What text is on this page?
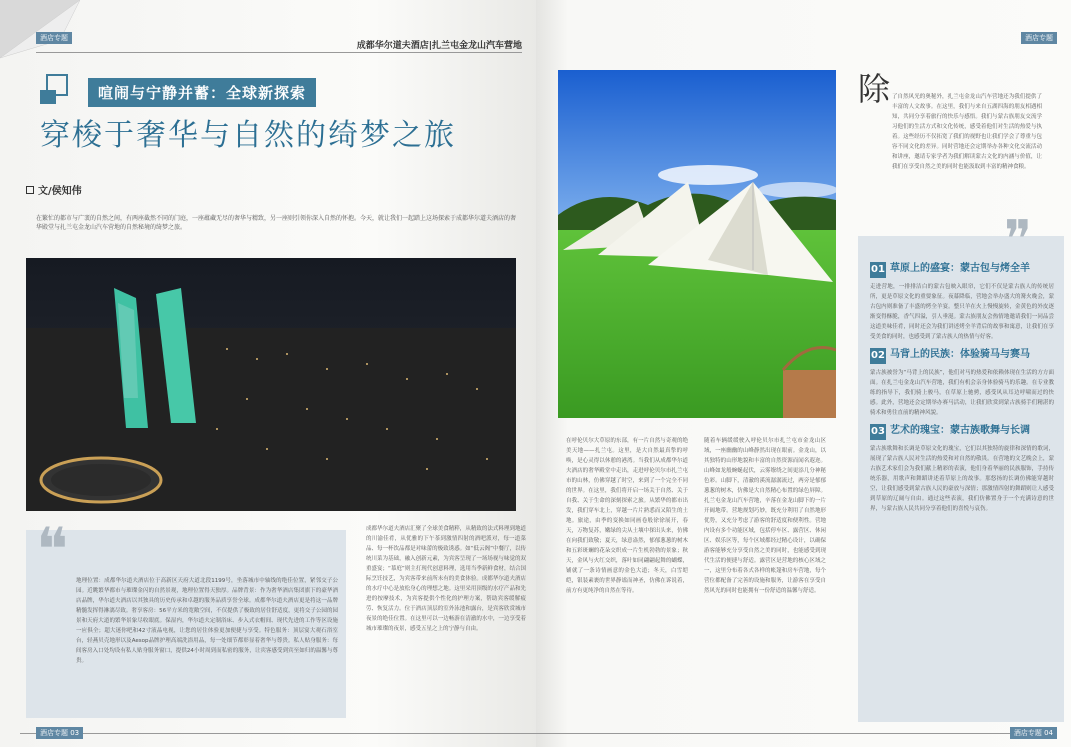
酒店专题
成都华尔道夫酒店|扎兰屯金龙山汽车营地
喧闹与宁静并蓄：全球新探索
穿梭于奢华与自然的绮梦之旅
文/侯知伟
在繁忙的都市与广袤的自然之间，有两座截然不同的门庭，一座蕴藏无尽的奢华与精致，另一座则引领你深入自然的怀抱。今天，就让我们一起踏上这场探索于成都华尔道夫酒店的奢华殿堂与扎兰屯金龙山汽车营地的自然秘境的绮梦之旅。
❝ 地理位置：成都华尔道夫酒店位于高新区天府大道北段1199号，坐落城市中轴线的绝佳位置，紧邻交子公园。近眺繁华都市与璀璨金闪的自然景观，地理位置得天独厚。品牌背景：作为奢华酒店集团旗下的豪华酒店品牌，华尔道夫酒店以其独具的历史传承和卓越的服务品质享誉全球。成都华尔道夫酒店更是将这一品牌精髓发挥得淋漓尽致。奢享客房：56平方米的宽敞空间，不仅提供了极致的居住舒适度，更将交子公园的园景和天府大道的繁华景象尽收眼底。保湿内，华尔道夫定制浴床、步入式衣帽间、现代先进的工作等区设施一应俱全；超大迷你吧和42寸液晶电视，让您的居住体验更加便捷与享受。特色服务：顶层宴大观石浴室台，轻燕贝壳地形以及Aesop品牌护理高端洗浴用品，每一处细节都彰显着奢华与尊贵。私人贴身服务：每间客房入口处均设有私人贴身服务窗口，提供24小时周到而私密的服务，让宾客感受到宾至如归的温馨与尊贵。
成都华尔道夫酒店汇聚了全球美食精粹，从精致的法式料理到地道的川渝佳肴，从优雅的下午茶到激情四射的酒吧派对，每一道菜品、每一杯饮品都是对味蕾的极致诱惑。如“低云阁”中餐厅，以传统川菜为基础，融入创新元素，为宾客呈现了一场场视与味觉的双重盛宴；“慕庭”则主打现代创意料理，选用当季新鲜食材，结合国际烹饪技艺，为宾客带来前所未有的美食体验。成都华尔道夫酒店的水疗中心是放松身心的理想之地。这里采用顶级的水疗产品和先进的按摩技术，为宾客提供个性化的护理方案，帮助宾客缓解疲劳、恢复活力。位于酒店顶层的室外泳池和露台，是宾客欣赏城市夜景的绝佳位置。在这里可以一边畅游在清澈的水中，一边享受着城市璀璨的夜景，感受五星之上的宁静与自由。
酒店专题 03
酒店专题
除 了自然风光的奥秘外，扎兰屯金龙山汽车营地还为我们提供了丰富的人文故事。在这里，我们与来自五湖四海的朋友相遇相知，共同分享着旅行的快乐与感悟。我们与蒙古族朋友交流学习他们的生活方式和文化传统，感受着他们对生活的热爱与执着。这些经历不仅拓宽了我们的视野也让我们学会了尊重与包容不同文化的差异。同时营地还会定期举办各种文化交流活动和讲座，邀请专家学者为我们解读蒙古文化的内涵与价值，让我们在享受自然之美的同时也能汲取到丰富的精神食粮。
在呼伦贝尔大草原的东部，有一片自然与奇观的绝美天地——扎兰屯。这里，是大自然最真挚的呼唤，是心灵得以休憩的港湾。当我们从成都华尔道夫酒店的奢华殿堂中走出，走进呼伦贝尔市扎兰屯市的山林，仿佛穿越了时空，来到了一个完全不同的世界。在这里，我们将开启一场关于自然、关于自我、关于生命的深刻探索之旅。从繁华的都市出发，我们穿车北上，穿越一片片熟悉而又陌生的土地。旅途，由季的变换如同画卷般徐徐展开，春天，万物复苏，嫩绿的尖从土壤中探出头来，仿佛在向我们致敬；夏天，绿意盎然，郁郁葱葱的树木和五彩斑斓的花朵交织成一片生机勃勃的景象；秋天，金风与火红交织，落叶如同翩翩起舞的蝴蝶，铺就了一条诗情画意的金色大道；冬天，白雪皑皑，银装素裹的世界静谧而神圣，仿佛在诉说着，前方有更纯净的自然在等待。
随着车辆缓缓驶入呼伦贝尔市扎兰屯市金龙山区域，一座幽幽的山峰静然出现在眼前。金龙山，以其独特的山形地貌和丰富的自然资源而闻名遐迩。山峰如龙般蜿蜒起伏，云雾缭绕之间更添几分神秘色彩。山脚下，清澈的溪流潺潺流过，两旁是郁郁葱葱的树木，仿佛是大自然精心布置的绿色屏障。扎兰屯金龙山汽车营地，辛落在金龙山脚下的一片开阔地带。营地规划巧妙，既充分利用了自然地形优势，又充分考虑了游客的舒适度和便利性。营地内设有多个功能区域，包括停车区、露营区、休闲区、娱乐区等，每个区域都经过精心设计，以确保游客能够充分享受自然之美的同时，也能感受到现代生活的便捷与舒适。露营区是营地的核心区域之一，这里分布着各式各样的帐篷和房车营地，每个营位都配备了完善的设施和服务，让游客在享受自然风光的同时也能拥有一份舒适的温馨与舒适。
❞
01 草原上的盛宴：蒙古包与烤全羊
走进营地，一排排洁白的蒙古包映入眼帘，它们不仅是蒙古族人的传统居所，更是草原文化的重要象征。夜幕降临，营地会举办盛大的篝火晚会，蒙古包内则准备了丰盛的烤全羊宴。整只羊在火上慢慢旋转，金黄色的外皮逐渐变得酥脆，香气四溢，引人垂涎。蒙古族朋友会热情地邀请我们一同品尝这道美味佳肴，同时还会为我们讲述烤全羊背后的故事和寓意，让我们在享受美食的同时，也感受到了蒙古族人的热情与好客。
02 马背上的民族：体验骑马与赛马
蒙古族被誉为“马背上的民族”，他们对马的热爱和依赖体现在生活的方方面面。在扎兰屯金龙山汽车营地，我们有机会亲身体验骑马的乐趣。在专业教练的指导下，我们骑上骏马，在草原上驰骋，感受风从耳边呼啸而过的快感。此外，营地还会定期举办赛马活动，让我们欣赏到蒙古族骑手们精湛的骑术和勇往直前的精神风貌。
03 艺术的瑰宝：蒙古族歌舞与长调
蒙古族歌舞和长调是草原文化的瑰宝，它们以其独特的旋律和深情的歌词，展现了蒙古族人民对生活的热爱和对自然的敬畏。在营地的文艺晚会上，蒙古族艺术家们会为我们献上精彩的表演，他们身着华丽的民族服饰，手持传统乐器，用歌声和舞蹈讲述着草原上的故事。那悠扬的长调仿佛能穿越时空，让我们感受到蒙古族人民的豪放与深情；那激情四射的舞蹈则让人感受到草原的辽阔与自由。通过这些表演，我们仿佛置身于一个充满诗意的世界，与蒙古族人民共同分享着他们的喜悦与哀伤。
酒店专题 04
